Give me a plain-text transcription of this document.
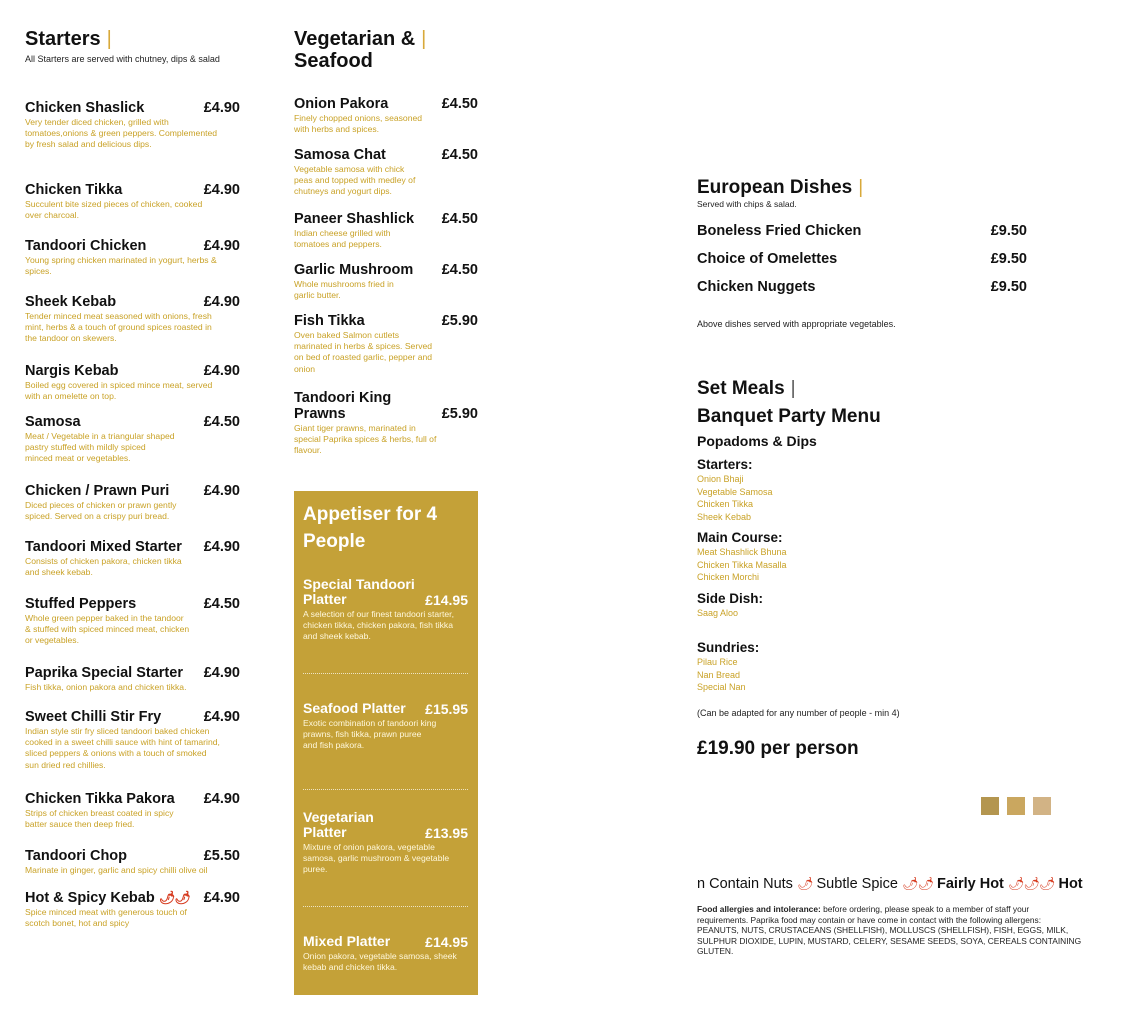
Starters |
All Starters are served with chutney, dips & salad
Chicken Shaslick	£4.90
Very tender diced chicken, grilled with tomatoes,onions & green peppers. Complemented by fresh salad and delicious dips.
Chicken Tikka	£4.90
Succulent bite sized pieces of chicken, cooked over charcoal.
Tandoori Chicken	£4.90
Young spring chicken marinated in yogurt, herbs & spices.
Sheek Kebab	£4.90
Tender minced meat seasoned with onions, fresh mint, herbs & a touch of ground spices roasted in the tandoor on skewers.
Nargis Kebab	£4.90
Boiled egg covered in spiced mince meat, served with an omelette on top.
Samosa	£4.50
Meat / Vegetable in a triangular shaped pastry stuffed with mildly spiced minced meat or vegetables.
Chicken / Prawn Puri £4.90
Diced pieces of chicken or prawn gently spiced. Served on a crispy puri bread.
Tandoori Mixed Starter £4.90
Consists of chicken pakora, chicken tikka and sheek kebab.
Stuffed Peppers	£4.50
Whole green pepper baked in the tandoor & stuffed with spiced minced meat, chicken or vegetables.
Paprika Special Starter £4.90
Fish tikka, onion pakora and chicken tikka.
Sweet Chilli Stir Fry	£4.90
Indian style stir fry sliced tandoori baked chicken cooked in a sweet chilli sauce with hint of tamarind, sliced peppers & onions with a touch of smoked sun dried red chillies.
Chicken Tikka Pakora £4.90
Strips of chicken breast coated in spicy batter sauce then deep fried.
Tandoori Chop	£5.50
Marinate in ginger, garlic and spicy chilli olive oil
Hot & Spicy Kebab 🌶🌶 £4.90
Spice minced meat with generous touch of scotch bonet, hot and spicy
Vegetarian & |
Seafood
Onion Pakora	£4.50
Finely chopped onions, seasoned with herbs and spices.
Samosa Chat	£4.50
Vegetable samosa with chick peas and topped with medley of chutneys and yogurt dips.
Paneer Shashlick £4.50
Indian cheese grilled with tomatoes and peppers.
Garlic Mushroom £4.50
Whole mushrooms fried in garlic butter.
Fish Tikka	£5.90
Oven baked Salmon cutlets marinated in herbs & spices. Served on bed of roasted garlic, pepper and onion
Tandoori King
Prawns	£5.90
Giant tiger prawns, marinated in special Paprika spices & herbs, full of flavour.
Appetiser for 4 People
Special Tandoori
Platter	£14.95
A selection of our finest tandoori starter, chicken tikka, chicken pakora, fish tikka and sheek kebab.
Seafood Platter £15.95
Exotic combination of tandoori king prawns, fish tikka, prawn puree and fish pakora.
Vegetarian
Platter	£13.95
Mixture of onion pakora, vegetable samosa, garlic mushroom & vegetable puree.
Mixed Platter	£14.95
Onion pakora, vegetable samosa, sheek kebab and chicken tikka.
European Dishes |
Served with chips & salad.
Boneless Fried Chicken	£9.50
Choice of Omelettes	£9.50
Chicken Nuggets	£9.50
Above dishes served with appropriate vegetables.
Set Meals |
Banquet Party Menu
Popadoms & Dips
Starters:
Onion Bhaji
Vegetable Samosa
Chicken Tikka
Sheek Kebab
Main Course:
Meat Shashlick Bhuna
Chicken Tikka Masalla
Chicken Morchi
Side Dish:
Saag Aloo
Sundries:
Pilau Rice
Nan Bread
Special Nan
(Can be adapted for any number of people - min 4)
£19.90 per person
n Contain Nuts 🌶 Subtle Spice 🌶🌶 Fairly Hot 🌶🌶🌶 Hot
Food allergies and intolerance: before ordering, please speak to a member of staff your requirements. Paprika food may contain or have come in contact with the following allergens: PEANUTS, NUTS, CRUSTACEANS (SHELLFISH), MOLLUSCS (SHELLFISH), FISH, EGGS, MILK, SULPHUR DIOXIDE, LUPIN, MUSTARD, CELERY, SESAME SEEDS, SOYA, CEREALS CONTAINING GLUTEN.
